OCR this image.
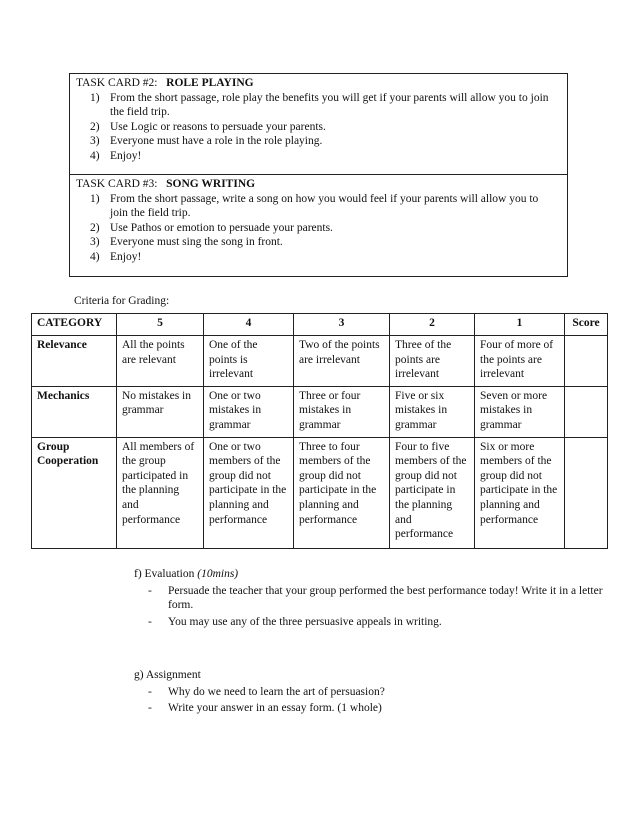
TASK CARD #2: ROLE PLAYING
1) From the short passage, role play the benefits you will get if your parents will allow you to join the field trip.
2) Use Logic or reasons to persuade your parents.
3) Everyone must have a role in the role playing.
4) Enjoy!
TASK CARD #3: SONG WRITING
1) From the short passage, write a song on how you would feel if your parents will allow you to join the field trip.
2) Use Pathos or emotion to persuade your parents.
3) Everyone must sing the song in front.
4) Enjoy!
Criteria for Grading:
CATEGORY	5	4	3	2	1	Score
Relevance	All the points are relevant	One of the points is irrelevant	Two of the points are irrelevant	Three of the points are irrelevant	Four of more of the points are irrelevant	
Mechanics	No mistakes in grammar	One or two mistakes in grammar	Three or four mistakes in grammar	Five or six mistakes in grammar	Seven or more mistakes in grammar	
Group Cooperation	All members of the group participated in the planning and performance	One or two members of the group did not participate in the planning and performance	Three to four members of the group did not participate in the planning and performance	Four to five members of the group did not participate in the planning and performance	Six or more members of the group did not participate in the planning and performance	
f) Evaluation (10mins)
- Persuade the teacher that your group performed the best performance today! Write it in a letter form.
- You may use any of the three persuasive appeals in writing.
g) Assignment
- Why do we need to learn the art of persuasion?
- Write your answer in an essay form. (1 whole)
